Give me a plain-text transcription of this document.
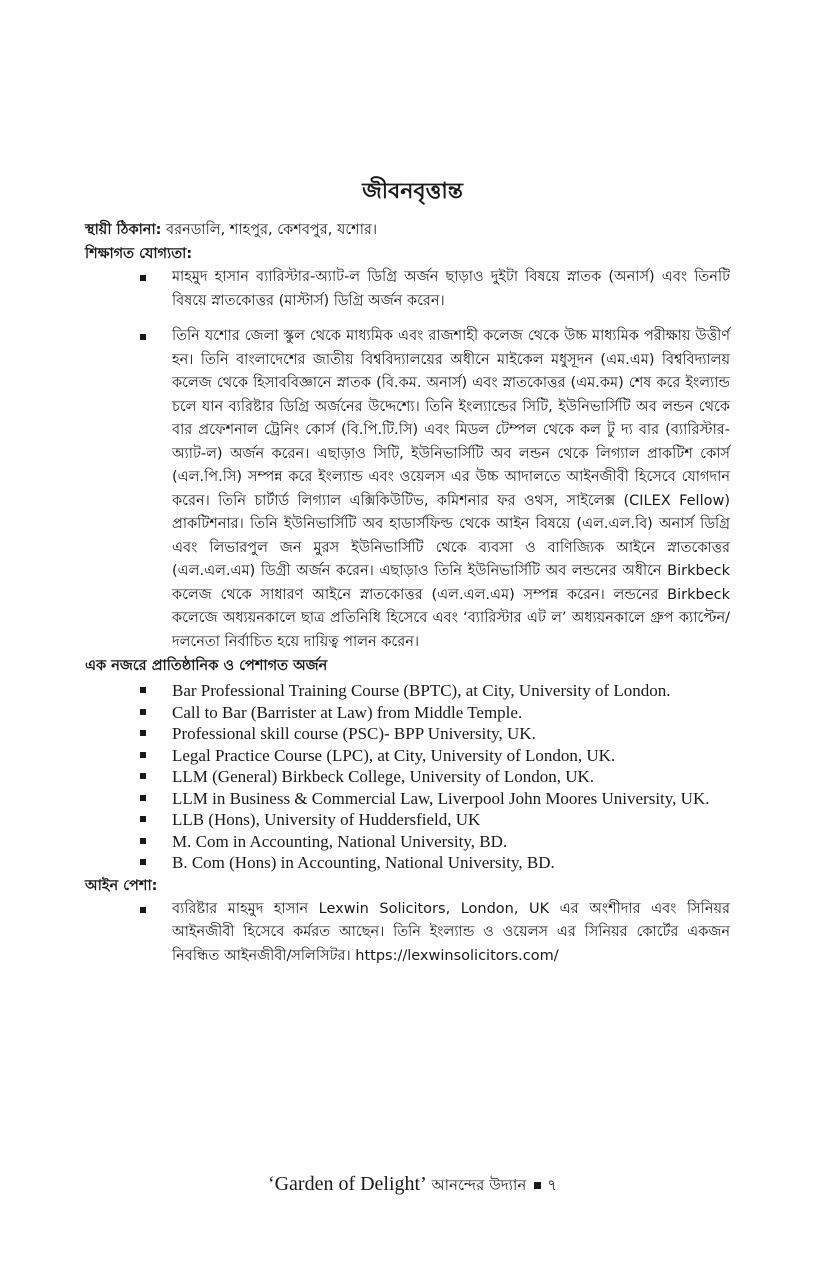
জীবনবৃত্তান্ত
স্থায়ী ঠিকানা: বরনডালি, শাহপুর, কেশবপুর, যশোর।
শিক্ষাগত যোগ্যতা:
মাহমুদ হাসান ব্যারিস্টার-অ্যাট-ল ডিগ্রি অর্জন ছাড়াও দুইটা বিষয়ে স্নাতক (অনার্স) এবং তিনটি বিষয়ে স্নাতকোত্তর (মাস্টার্স) ডিগ্রি অর্জন করেন।
তিনি যশোর জেলা স্কুল থেকে মাধ্যমিক এবং রাজশাহী কলেজ থেকে উচ্চ মাধ্যমিক পরীক্ষায় উত্তীর্ণ হন। তিনি বাংলাদেশের জাতীয় বিশ্ববিদ্যালয়ের অধীনে মাইকেল মধুসূদন (এম.এম) বিশ্ববিদ্যালয় কলেজ থেকে হিসাববিজ্ঞানে স্নাতক (বি.কম. অনার্স) এবং স্নাতকোত্তর (এম.কম) শেষ করে ইংল্যান্ড চলে যান ব্যরিষ্টার ডিগ্রি অর্জনের উদ্দেশ্যে। তিনি ইংল্যান্ডের সিটি, ইউনিভার্সিটি অব লন্ডন থেকে বার প্রফেশনাল ট্রেনিং কোর্স (বি.পি.টি.সি) এবং মিডল টেম্পল থেকে কল টু দ্য বার (ব্যারিস্টার-অ্যাট-ল) অর্জন করেন। এছাড়াও সিটি, ইউনিভার্সিটি অব লন্ডন থেকে লিগ্যাল প্রাকটিশ কোর্স (এল.পি.সি) সম্পন্ন করে ইংল্যান্ড এবং ওয়েলস এর উচ্চ আদালতে আইনজীবী হিসেবে যোগদান করেন। তিনি চার্টার্ড লিগ্যাল এক্সিকিউটিভ, কমিশনার ফর ওথস, সাইলেক্স (CILEX Fellow) প্রাকটিশনার। তিনি ইউনিভার্সিটি অব হাডার্সফিল্ড থেকে আইন বিষয়ে (এল.এল.বি) অনার্স ডিগ্রি এবং লিভারপুল জন মুরস ইউনিভার্সিটি থেকে ব্যবসা ও বাণিজ্যিক আইনে স্নাতকোত্তর (এল.এল.এম) ডিগ্রী অর্জন করেন। এছাড়াও তিনি ইউনিভার্সিটি অব লন্ডনের অধীনে Birkbeck কলেজ থেকে সাধারণ আইনে স্নাতকোত্তর (এল.এল.এম) সম্পন্ন করেন। লন্ডনের Birkbeck কলেজে অধ্যয়নকালে ছাত্র প্রতিনিধি হিসেবে এবং ‘ব্যারিস্টার এট ল’ অধ্যয়নকালে গ্রুপ ক্যাপ্টেন/দলনেতা নির্বাচিত হয়ে দায়িত্ব পালন করেন।
এক নজরে প্রাতিষ্ঠানিক ও পেশাগত অর্জন
Bar Professional Training Course (BPTC), at City, University of London.
Call to Bar (Barrister at Law) from Middle Temple.
Professional skill course (PSC)- BPP University, UK.
Legal Practice Course (LPC), at City, University of London, UK.
LLM (General) Birkbeck College, University of London, UK.
LLM in Business & Commercial Law, Liverpool John Moores University, UK.
LLB (Hons), University of Huddersfield, UK
M. Com in Accounting, National University, BD.
B. Com (Hons) in Accounting, National University, BD.
আইন পেশা:
ব্যরিষ্টার মাহমুদ হাসান Lexwin Solicitors, London, UK এর অংশীদার এবং সিনিয়র আইনজীবী হিসেবে কর্মরত আছেন। তিনি ইংল্যান্ড ও ওয়েলস এর সিনিয়র কোর্টের একজন নিবন্ধিত আইনজীবী/সলিসিটর। https://lexwinsolicitors.com/
‘Garden of Delight’ আনন্দের উদ্যান ৭
